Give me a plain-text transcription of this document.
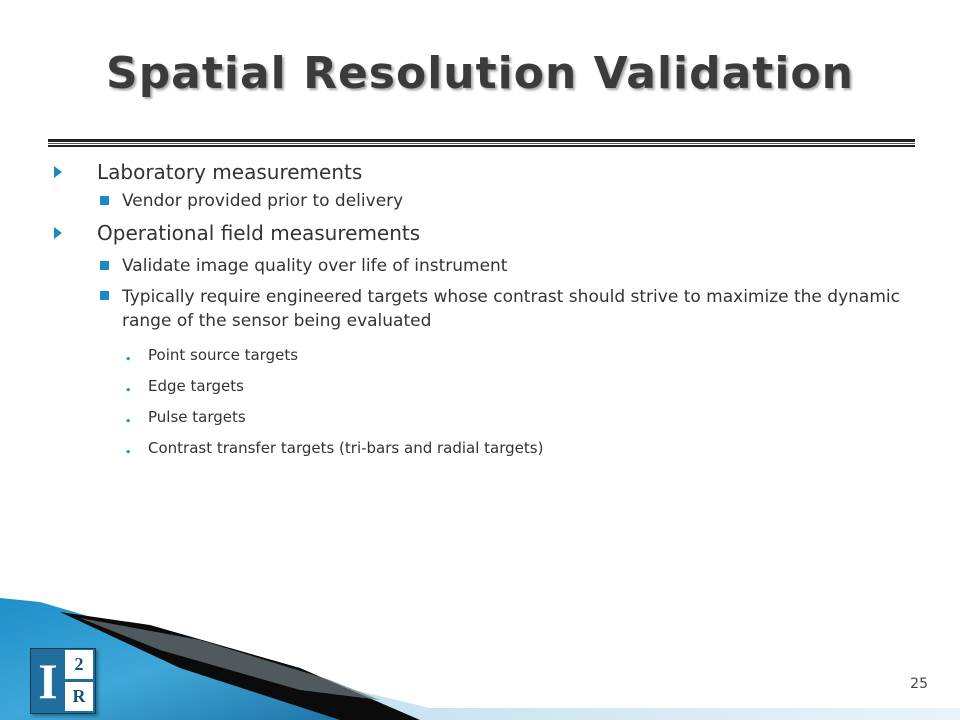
Spatial Resolution Validation
Laboratory measurements
Vendor provided prior to delivery
Operational field measurements
Validate image quality over life of instrument
Typically require engineered targets whose contrast should strive to maximize the dynamic range of the sensor being evaluated
⬩ Point source targets
⬩ Edge targets
⬩ Pulse targets
⬩ Contrast transfer targets (tri-bars and radial targets)
I 2
R
25
